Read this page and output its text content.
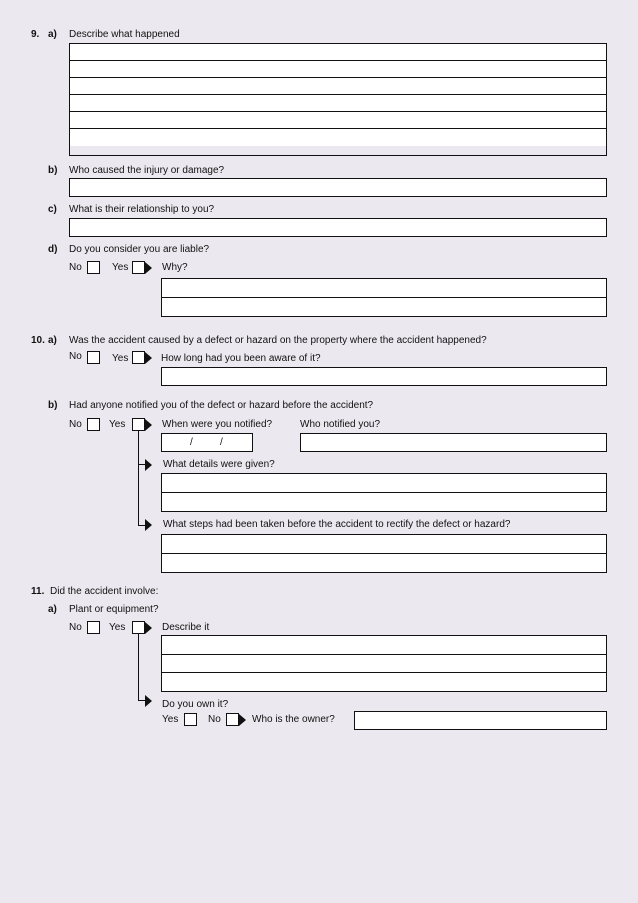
9. a) Describe what happened
b) Who caused the injury or damage?
c) What is their relationship to you?
d) Do you consider you are liable?
No	Yes	Why?
10. a) Was the accident caused by a defect or hazard on the property where the accident happened?
No	Yes	How long had you been aware of it?
b) Had anyone notified you of the defect or hazard before the accident?
No	Yes	When were you notified?	Who notified you?
/	/
What details were given?
What steps had been taken before the accident to rectify the defect or hazard?
11. Did the accident involve:
a) Plant or equipment?
No	Yes	Describe it
Do you own it?
Yes	No	Who is the owner?
